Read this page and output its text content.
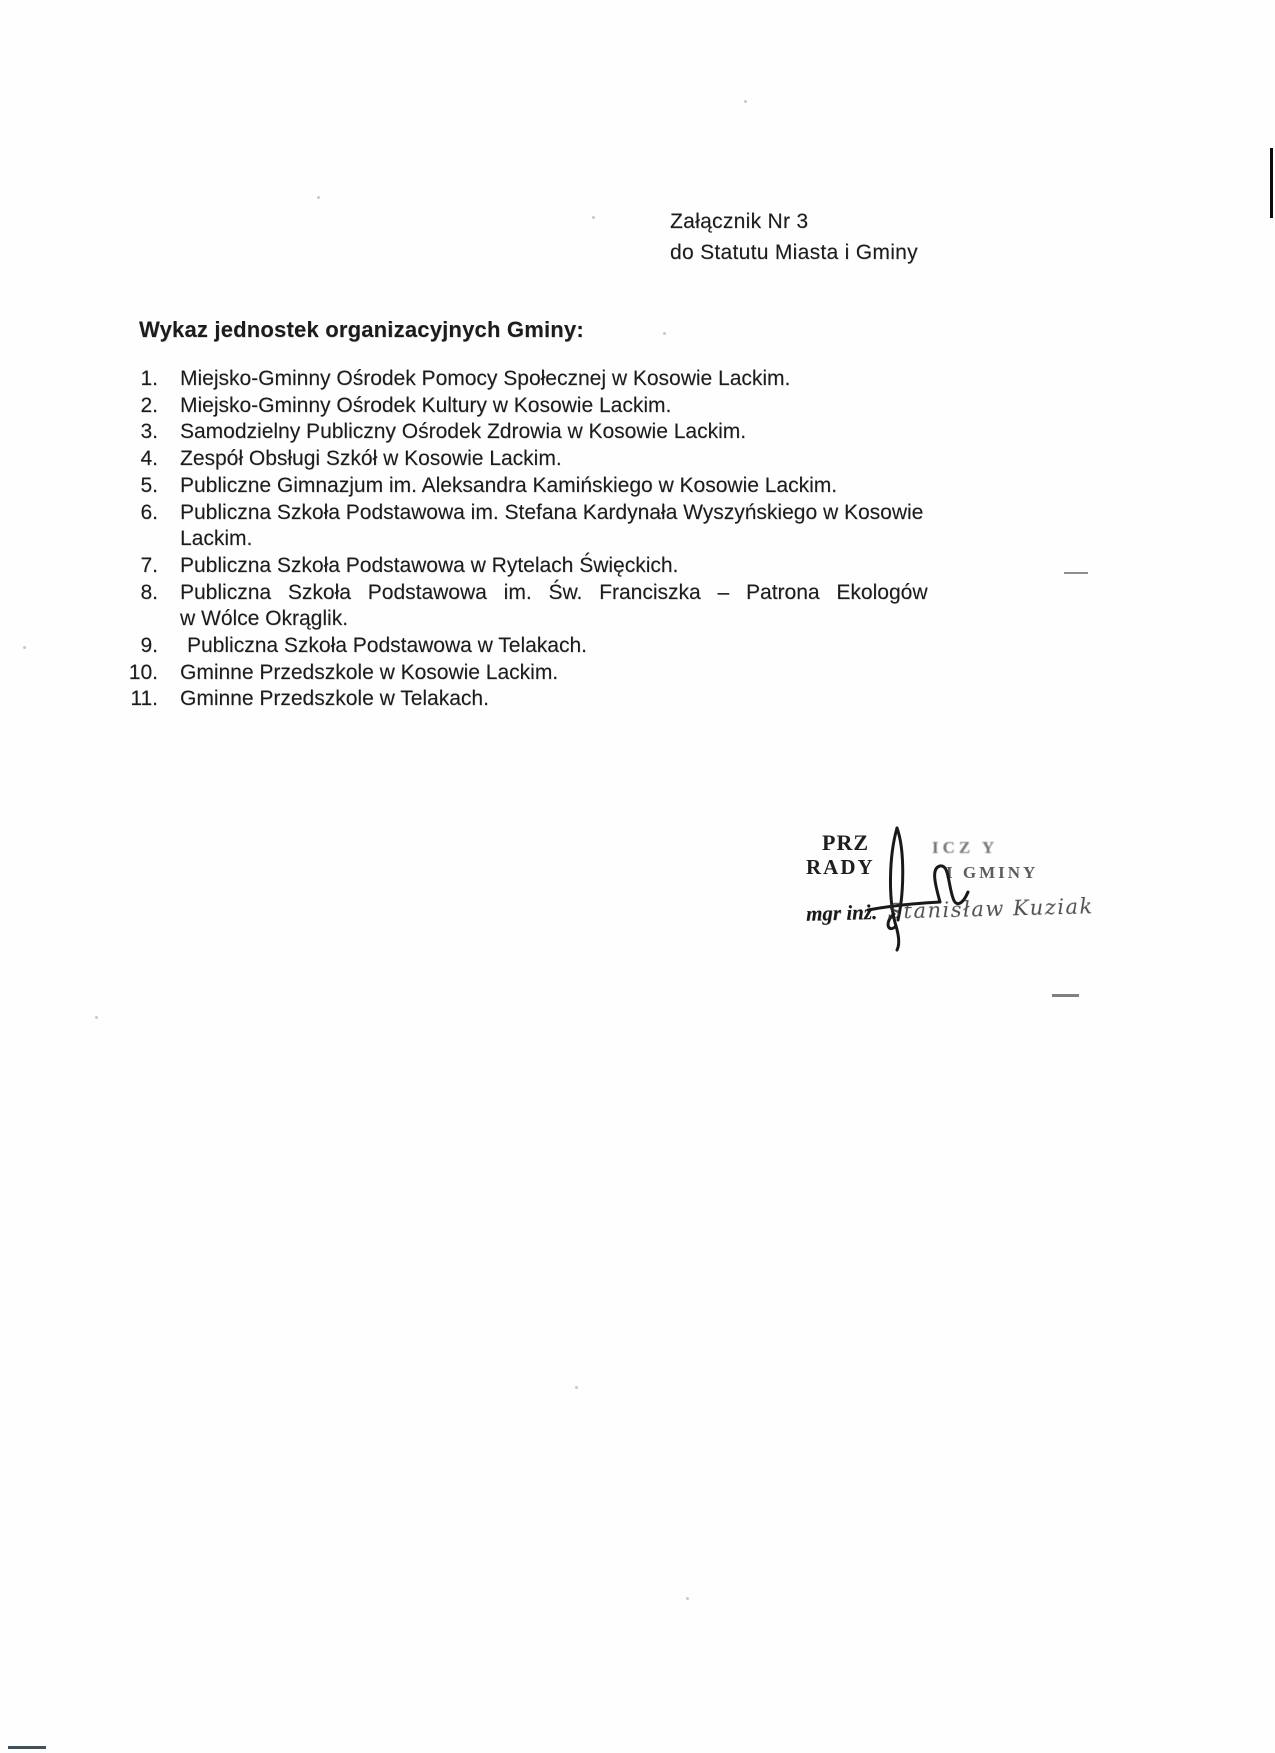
Załącznik Nr 3
do Statutu Miasta i Gminy
Wykaz jednostek organizacyjnych Gminy:
1. Miejsko-Gminny Ośrodek Pomocy Społecznej w Kosowie Lackim.
2. Miejsko-Gminny Ośrodek Kultury w Kosowie Lackim.
3. Samodzielny Publiczny Ośrodek Zdrowia w Kosowie Lackim.
4. Zespół Obsługi Szkół w Kosowie Lackim.
5. Publiczne Gimnazjum im. Aleksandra Kamińskiego w Kosowie Lackim.
6. Publiczna Szkoła Podstawowa im. Stefana Kardynała Wyszyńskiego w Kosowie
Lackim.
7. Publiczna Szkoła Podstawowa w Rytelach Święckich.
8. Publiczna Szkoła Podstawowa im. Św. Franciszka – Patrona Ekologów
w Wólce Okrąglik.
9. Publiczna Szkoła Podstawowa w Telakach.
10. Gminne Przedszkole w Kosowie Lackim.
11. Gminne Przedszkole w Telakach.
PRZ	ICZ Y
RADY	I GMINY
mgr inż. Stanisław Kuziak
